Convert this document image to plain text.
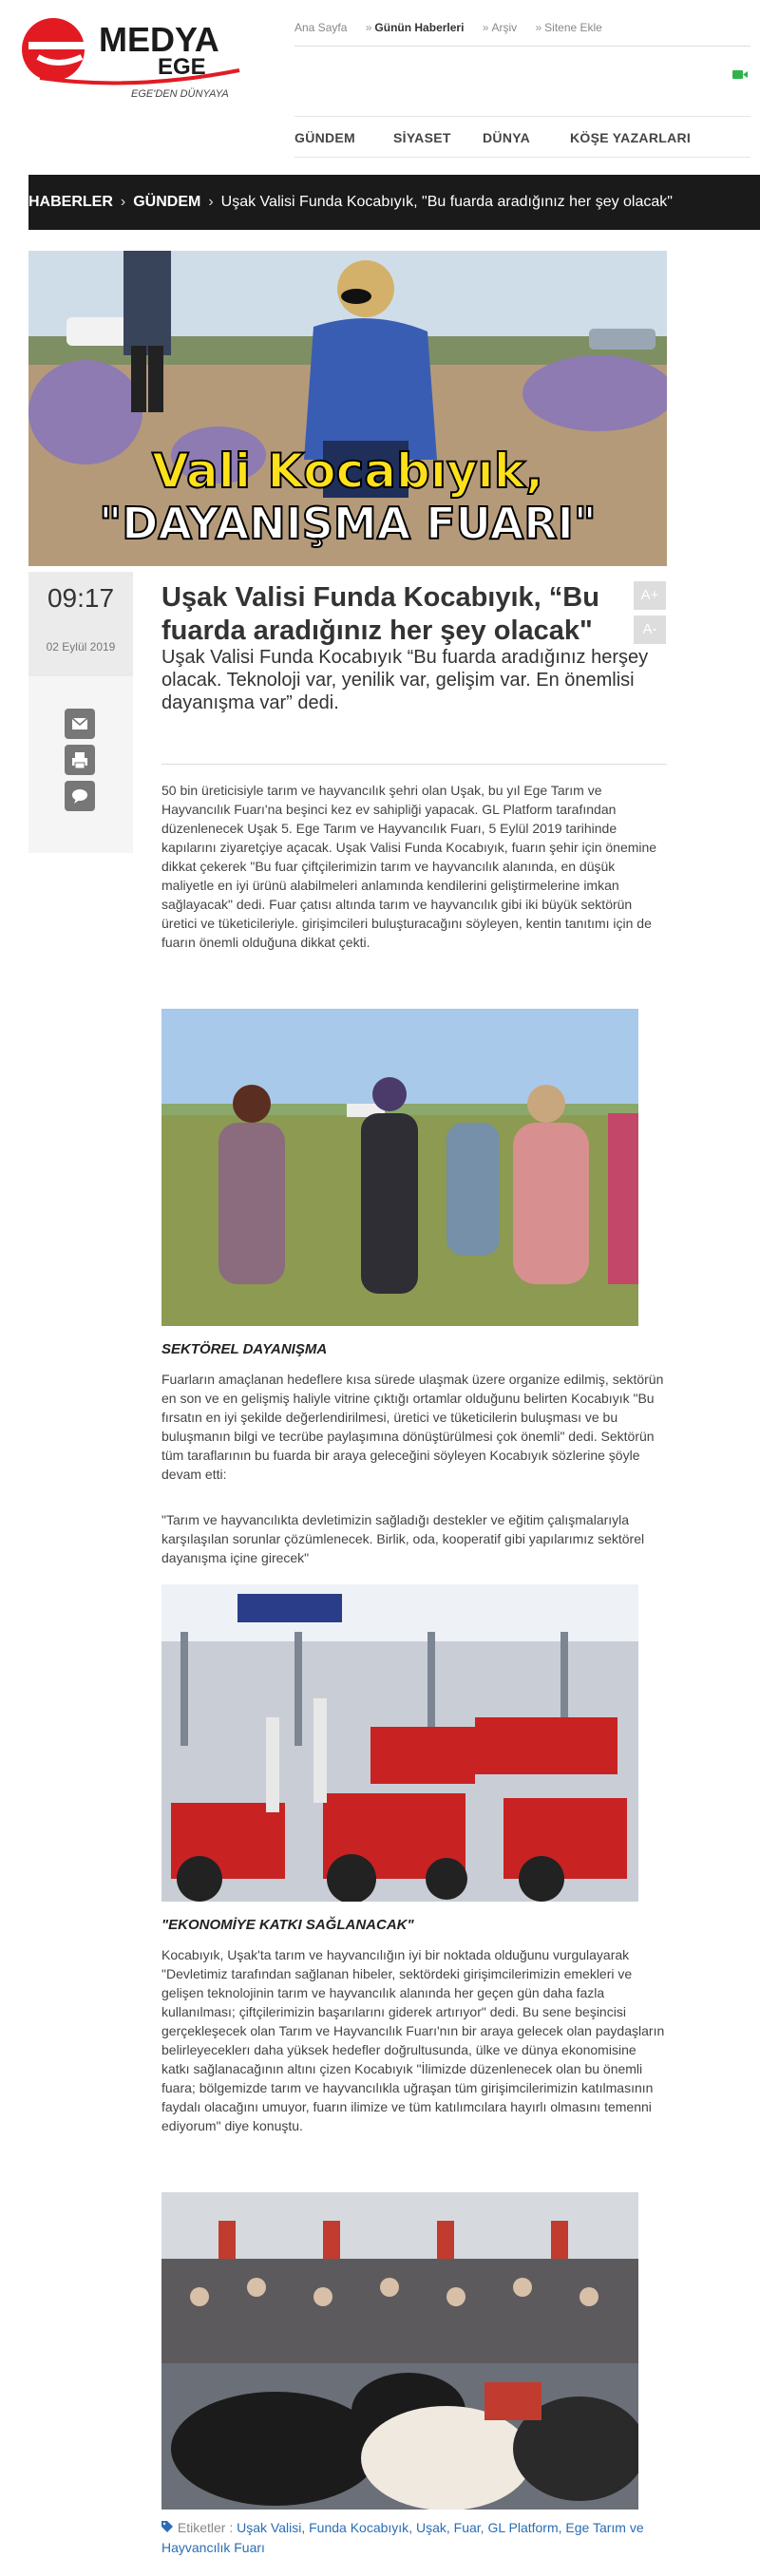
MEDYA
EGE
EGE'DEN DÜNYAYA
Ana Sayfa » Günün Haberleri » Arşiv » Sitene Ekle
GÜNDEM	SİYASET DÜNYA	KÖŞE YAZARLARI
HABERLER › GÜNDEM › Uşak Valisi Funda Kocabıyık, "Bu fuarda aradığınız her şey olacak"
Vali Kocabıyık,
"DAYANIŞMA FUARI"
09:17
02 Eylül 2019
Uşak Valisi Funda Kocabıyık, “Bu fuarda aradığınız her şey olacak"
A+
A-

Uşak Valisi Funda Kocabıyık “Bu fuarda aradığınız herşey olacak. Teknoloji var, yenilik var, gelişim var. En önemlisi dayanışma var” dedi.

50 bin üreticisiyle tarım ve hayvancılık şehri olan Uşak, bu yıl Ege Tarım ve Hayvancılık Fuarı'na beşinci kez ev sahipliği yapacak. GL Platform tarafından düzenlenecek Uşak 5. Ege Tarım ve Hayvancılık Fuarı, 5 Eylül 2019 tarihinde kapılarını ziyaretçiye açacak. Uşak Valisi Funda Kocabıyık, fuarın şehir için önemine dikkat çekerek "Bu fuar çiftçilerimizin tarım ve hayvancılık alanında, en düşük maliyetle en iyi ürünü alabilmeleri anlamında kendilerini geliştirmelerine imkan sağlayacak" dedi. Fuar çatısı altında tarım ve hayvancılık gibi iki büyük sektörün üretici ve tüketicileriyle. girişimcileri buluşturacağını söyleyen, kentin tanıtımı için de fuarın önemli olduğuna dikkat çekti.

SEKTÖREL DAYANIŞMA

Fuarların amaçlanan hedeflere kısa sürede ulaşmak üzere organize edilmiş, sektörün en son ve en gelişmiş haliyle vitrine çıktığı ortamlar olduğunu belirten Kocabıyık "Bu fırsatın en iyi şekilde değerlendirilmesi, üretici ve tüketicilerin buluşması ve bu buluşmanın bilgi ve tecrübe paylaşımına dönüştürülmesi çok önemli" dedi. Sektörün tüm taraflarının bu fuarda bir araya geleceğini söyleyen Kocabıyık sözlerine şöyle devam etti:

"Tarım ve hayvancılıkta devletimizin sağladığı destekler ve eğitim çalışmalarıyla karşılaşılan sorunlar çözümlenecek. Birlik, oda, kooperatif gibi yapılarımız sektörel dayanışma içine girecek"

"EKONOMİYE KATKI SAĞLANACAK"

Kocabıyık, Uşak'ta tarım ve hayvancılığın iyi bir noktada olduğunu vurgulayarak "Devletimiz tarafından sağlanan hibeler, sektördeki girişimcilerimizin emekleri ve gelişen teknolojinin tarım ve hayvancılık alanında her geçen gün daha fazla kullanılması; çiftçilerimizin başarılarını giderek artırıyor" dedi. Bu sene beşincisi gerçekleşecek olan Tarım ve Hayvancılık Fuarı'nın bir araya gelecek olan paydaşların belirleyeceklerı daha yüksek hedefler doğrultusunda, ülke ve dünya ekonomisine katkı sağlanacağının altını çizen Kocabıyık "İlimizde düzenlenecek olan bu önemli fuara; bölgemizde tarım ve hayvancılıkla uğraşan tüm girişimcilerimizin katılmasının faydalı olacağını umuyor, fuarın ilimize ve tüm katılımcılara hayırlı olmasını temenni ediyorum" diye konuştu.

Etiketler : Uşak Valisi, Funda Kocabıyık, Uşak, Fuar, GL Platform, Ege Tarım ve Hayvancılık Fuarı
